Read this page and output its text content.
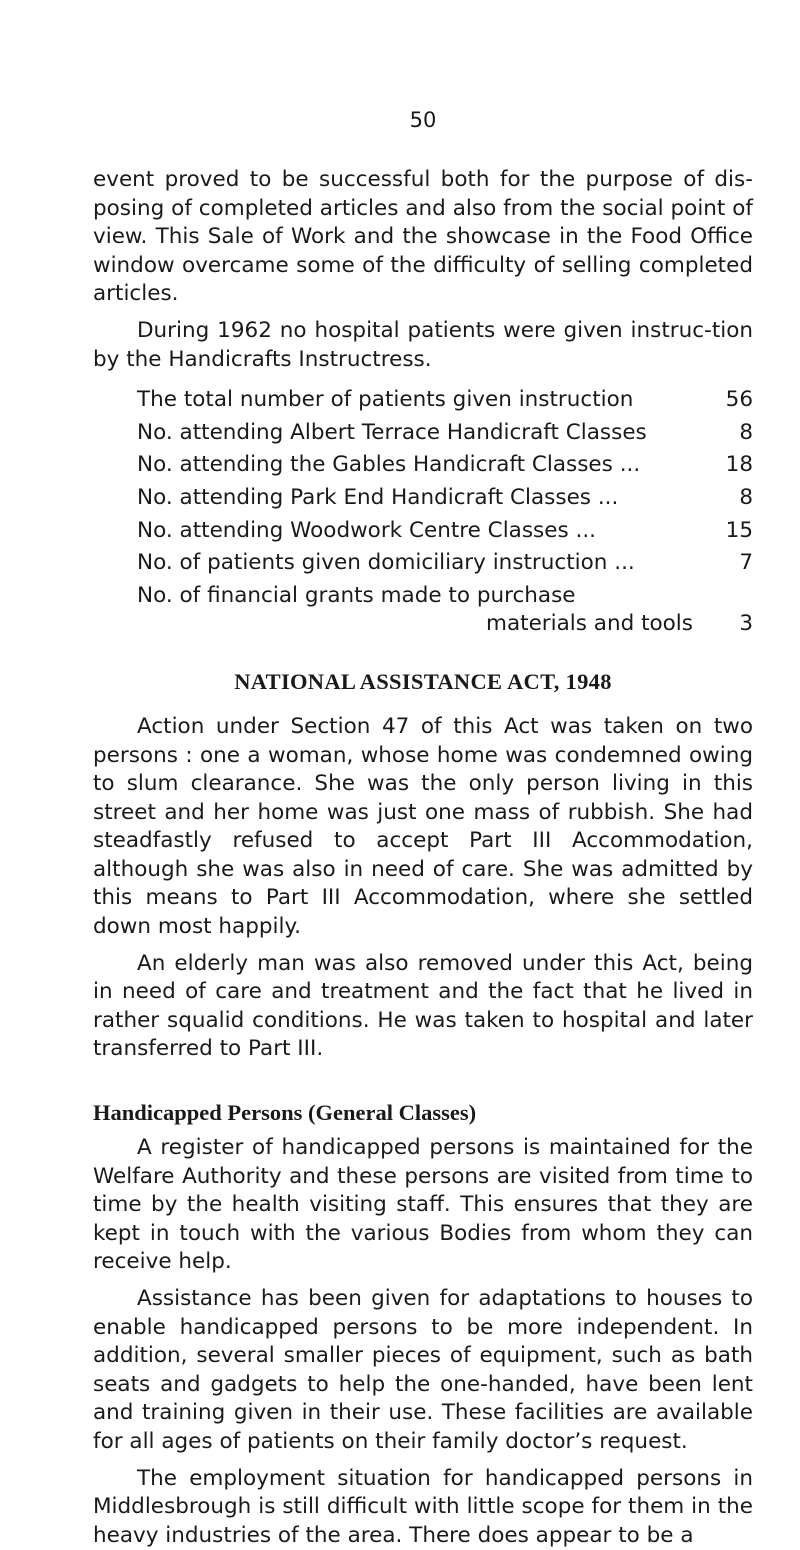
50

event proved to be successful both for the purpose of dis-posing of completed articles and also from the social point of view. This Sale of Work and the showcase in the Food Office window overcame some of the difficulty of selling completed articles.

During 1962 no hospital patients were given instruc-tion by the Handicrafts Instructress.

The total number of patients given instruction	56
No. attending Albert Terrace Handicraft Classes	8
No. attending the Gables Handicraft Classes ...	18
No. attending Park End Handicraft Classes ...	8
No. attending Woodwork Centre Classes ...	15
No. of patients given domiciliary instruction ...	7
No. of financial grants made to purchase
materials and tools	3
NATIONAL ASSISTANCE ACT, 1948

Action under Section 47 of this Act was taken on two persons : one a woman, whose home was condemned owing to slum clearance. She was the only person living in this street and her home was just one mass of rubbish. She had steadfastly refused to accept Part III Accommodation, although she was also in need of care. She was admitted by this means to Part III Accommodation, where she settled down most happily.

An elderly man was also removed under this Act, being in need of care and treatment and the fact that he lived in rather squalid conditions. He was taken to hospital and later transferred to Part III.

Handicapped Persons (General Classes)

A register of handicapped persons is maintained for the Welfare Authority and these persons are visited from time to time by the health visiting staff. This ensures that they are kept in touch with the various Bodies from whom they can receive help.

Assistance has been given for adaptations to houses to enable handicapped persons to be more independent. In addition, several smaller pieces of equipment, such as bath seats and gadgets to help the one-handed, have been lent and training given in their use. These facilities are available for all ages of patients on their family doctor’s request.

The employment situation for handicapped persons in Middlesbrough is still difficult with little scope for them in the heavy industries of the area. There does appear to be a
